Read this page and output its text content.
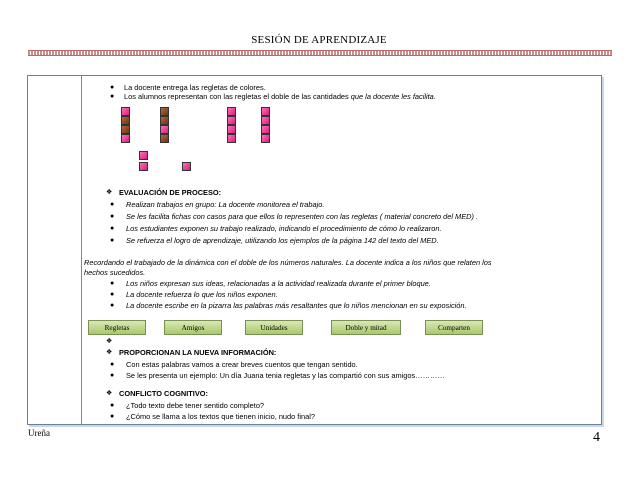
SESIÓN DE APRENDIZAJE
● La docente entrega las regletas de colores.
● Los alumnos representan con las regletas el doble de las cantidades que la docente les facilita.
❖ EVALUACIÓN DE PROCESO:
● Realizan trabajos en grupo: La docente monitorea el trabajo.
● Se les facilita fichas con casos para que ellos lo representen con las regletas ( material concreto del MED) .
● Los estudiantes exponen su trabajo realizado, indicando el procedimiento de cómo lo realizaron.
● Se refuerza el logro de aprendizaje, utilizando los ejemplos de la página 142 del texto del MED.
Recordando el trabajado de la dinámica con el doble de los números naturales. La docente indica a los niños que relaten los
hechos sucedidos.
● Los niños expresan sus ideas, relacionadas a la actividad realizada durante el primer bloque.
● La docente refuerza lo que los niños exponen.
● La docente escribe en la pizarra las palabras más resaltantes que lo niños mencionan en su exposición.
Regletas	Amigos	Unidades	Doble y mitad	Comparten
❖
❖ PROPORCIONAN LA NUEVA INFORMACIÓN:
● Con estas palabras vamos a crear breves cuentos que tengan sentido.
● Se les presenta un ejemplo: Un día Juana tenia regletas y las compartió con sus amigos…………
❖ CONFLICTO COGNITIVO:
● ¿Todo texto debe tener sentido completo?
● ¿Cómo se llama a los textos que tienen inicio, nudo final?
Ureña	4
